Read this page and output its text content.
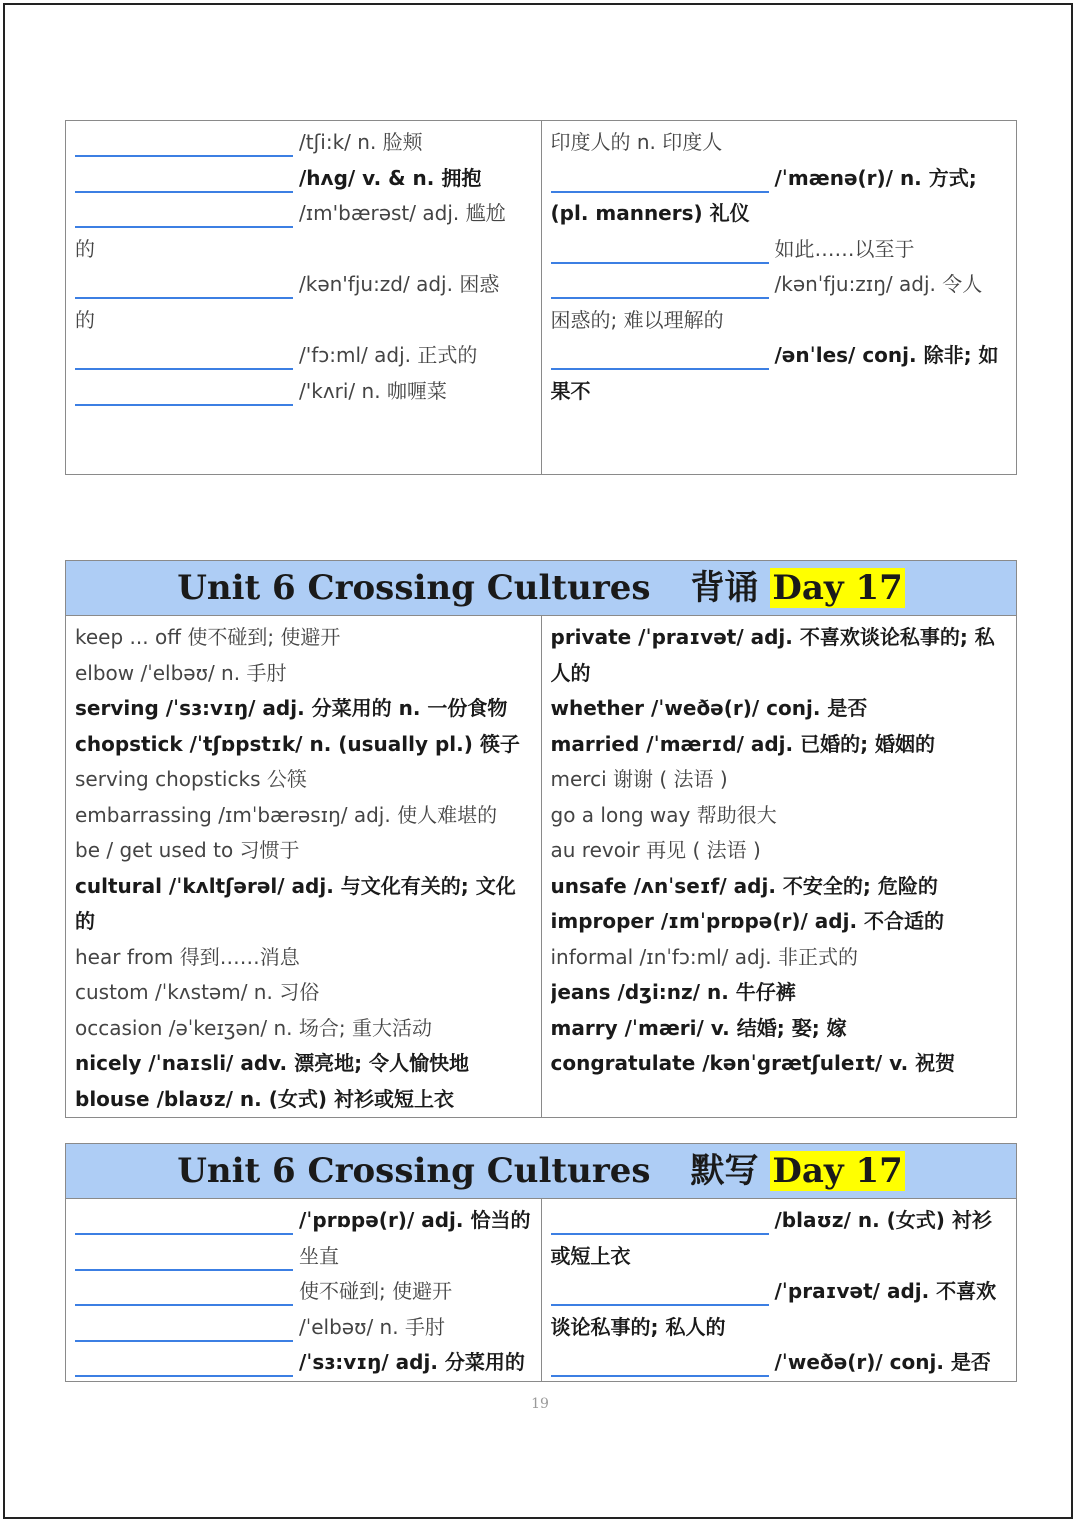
/tʃi:k/ n. 脸颊
/hʌg/ v. & n. 拥抱
/ɪm'bærəst/ adj. 尴尬
的
/kən'fju:zd/ adj. 困惑
的
/'fɔ:ml/ adj. 正式的
/'kʌri/ n. 咖喱菜

印度人的 n. 印度人
/ˈmænə(r)/ n. 方式;
(pl. manners) 礼仪
如此……以至于
/kənˈfju:zɪŋ/ adj. 令人
困惑的; 难以理解的
/ənˈles/ conj. 除非; 如
果不
Unit 6 Crossing Cultures 背诵 Day 17

keep ... off 使不碰到; 使避开
elbow /ˈelbəʊ/ n. 手肘
serving /ˈsɜ:vɪŋ/ adj. 分菜用的 n. 一份食物
chopstick /ˈtʃɒpstɪk/ n. (usually pl.) 筷子
serving chopsticks 公筷
embarrassing /ɪmˈbærəsɪŋ/ adj. 使人难堪的
be / get used to 习惯于
cultural /ˈkʌltʃərəl/ adj. 与文化有关的; 文化
的
hear from 得到……消息
custom /ˈkʌstəm/ n. 习俗
occasion /əˈkeɪʒən/ n. 场合; 重大活动
nicely /ˈnaɪsli/ adv. 漂亮地; 令人愉快地
blouse /blaʊz/ n. (女式) 衬衫或短上衣

private /ˈpraɪvət/ adj. 不喜欢谈论私事的; 私
人的
whether /ˈweðə(r)/ conj. 是否
married /ˈmærɪd/ adj. 已婚的; 婚姻的
merci 谢谢 ( 法语 )
go a long way 帮助很大
au revoir 再见 ( 法语 )
unsafe /ʌnˈseɪf/ adj. 不安全的; 危险的
improper /ɪmˈprɒpə(r)/ adj. 不合适的
informal /ɪnˈfɔ:ml/ adj. 非正式的
jeans /dʒi:nz/ n. 牛仔裤
marry /ˈmæri/ v. 结婚; 娶; 嫁
congratulate /kənˈgrætʃuleɪt/ v. 祝贺
Unit 6 Crossing Cultures 默写 Day 17

/ˈprɒpə(r)/ adj. 恰当的
坐直
使不碰到; 使避开
/ˈelbəʊ/ n. 手肘
/ˈsɜ:vɪŋ/ adj. 分菜用的

/blaʊz/ n. (女式) 衬衫
或短上衣
/ˈpraɪvət/ adj. 不喜欢
谈论私事的; 私人的
/ˈweðə(r)/ conj. 是否
19
